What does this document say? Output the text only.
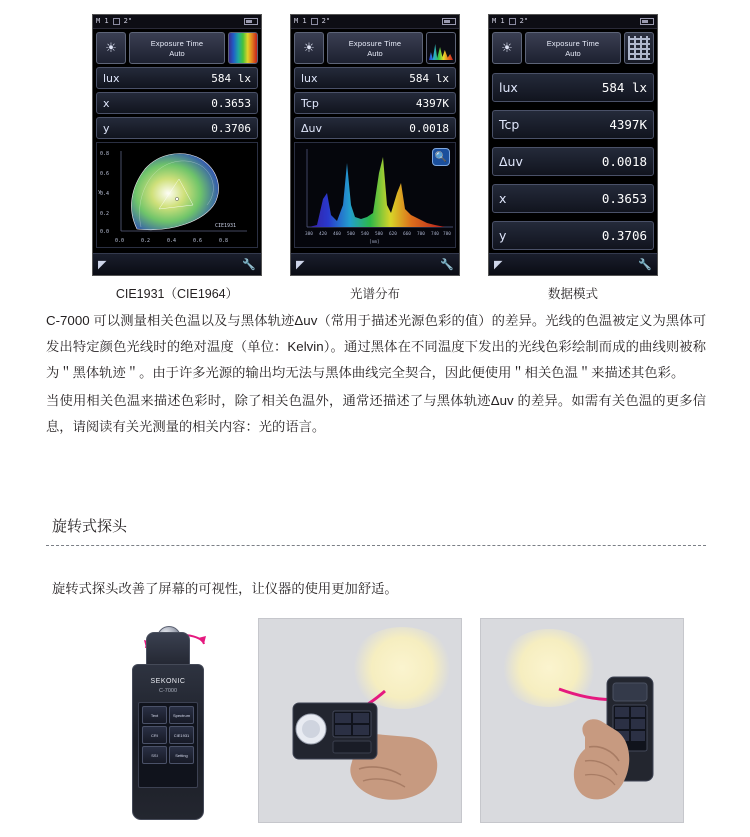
M 1 2"
☀	Exposure Time
Auto
lux	584 lx
x	0.3653
y	0.3706
0.8
0.6
0.4
0.2
0.0
y
0.0	0.2	0.4	0.6	0.8
CIE1931
◤	🔧
CIE1931（CIE1964）
M 1 2"
☀	Exposure Time
Auto
lux	584 lx
Tcp	4397K
Δuv	0.0018
380 420 460 500 540 580 620 660 700 740 780
[nm]
🔍
◤	🔧
光谱分布
M 1 2"
☀	Exposure Time
Auto
lux	584 lx
Tcp	4397K
Δuv	0.0018
x	0.3653
y	0.3706
◤	🔧
数据模式

C-7000 可以测量相关色温以及与黑体轨迹Δuv（常用于描述光源色彩的值）的差异。光线的色温被定义为黑体可发出特定颜色光线时的绝对温度（单位：Kelvin）。通过黑体在不同温度下发出的光线色彩绘制而成的曲线则被称为＂黑体轨迹＂。由于许多光源的输出均无法与黑体曲线完全契合，因此便使用＂相关色温＂来描述其色彩。

当使用相关色温来描述色彩时，除了相关色温外，通常还描述了与黑体轨迹Δuv 的差异。如需有关色温的更多信息，请阅读有关光测量的相关内容：光的语言。

旋转式探头
旋转式探头改善了屏幕的可视性，让仪器的使用更加舒适。
SEKONIC
C-7000
Text	Spectrum
CRI	CIE1931
SSI	Setting
